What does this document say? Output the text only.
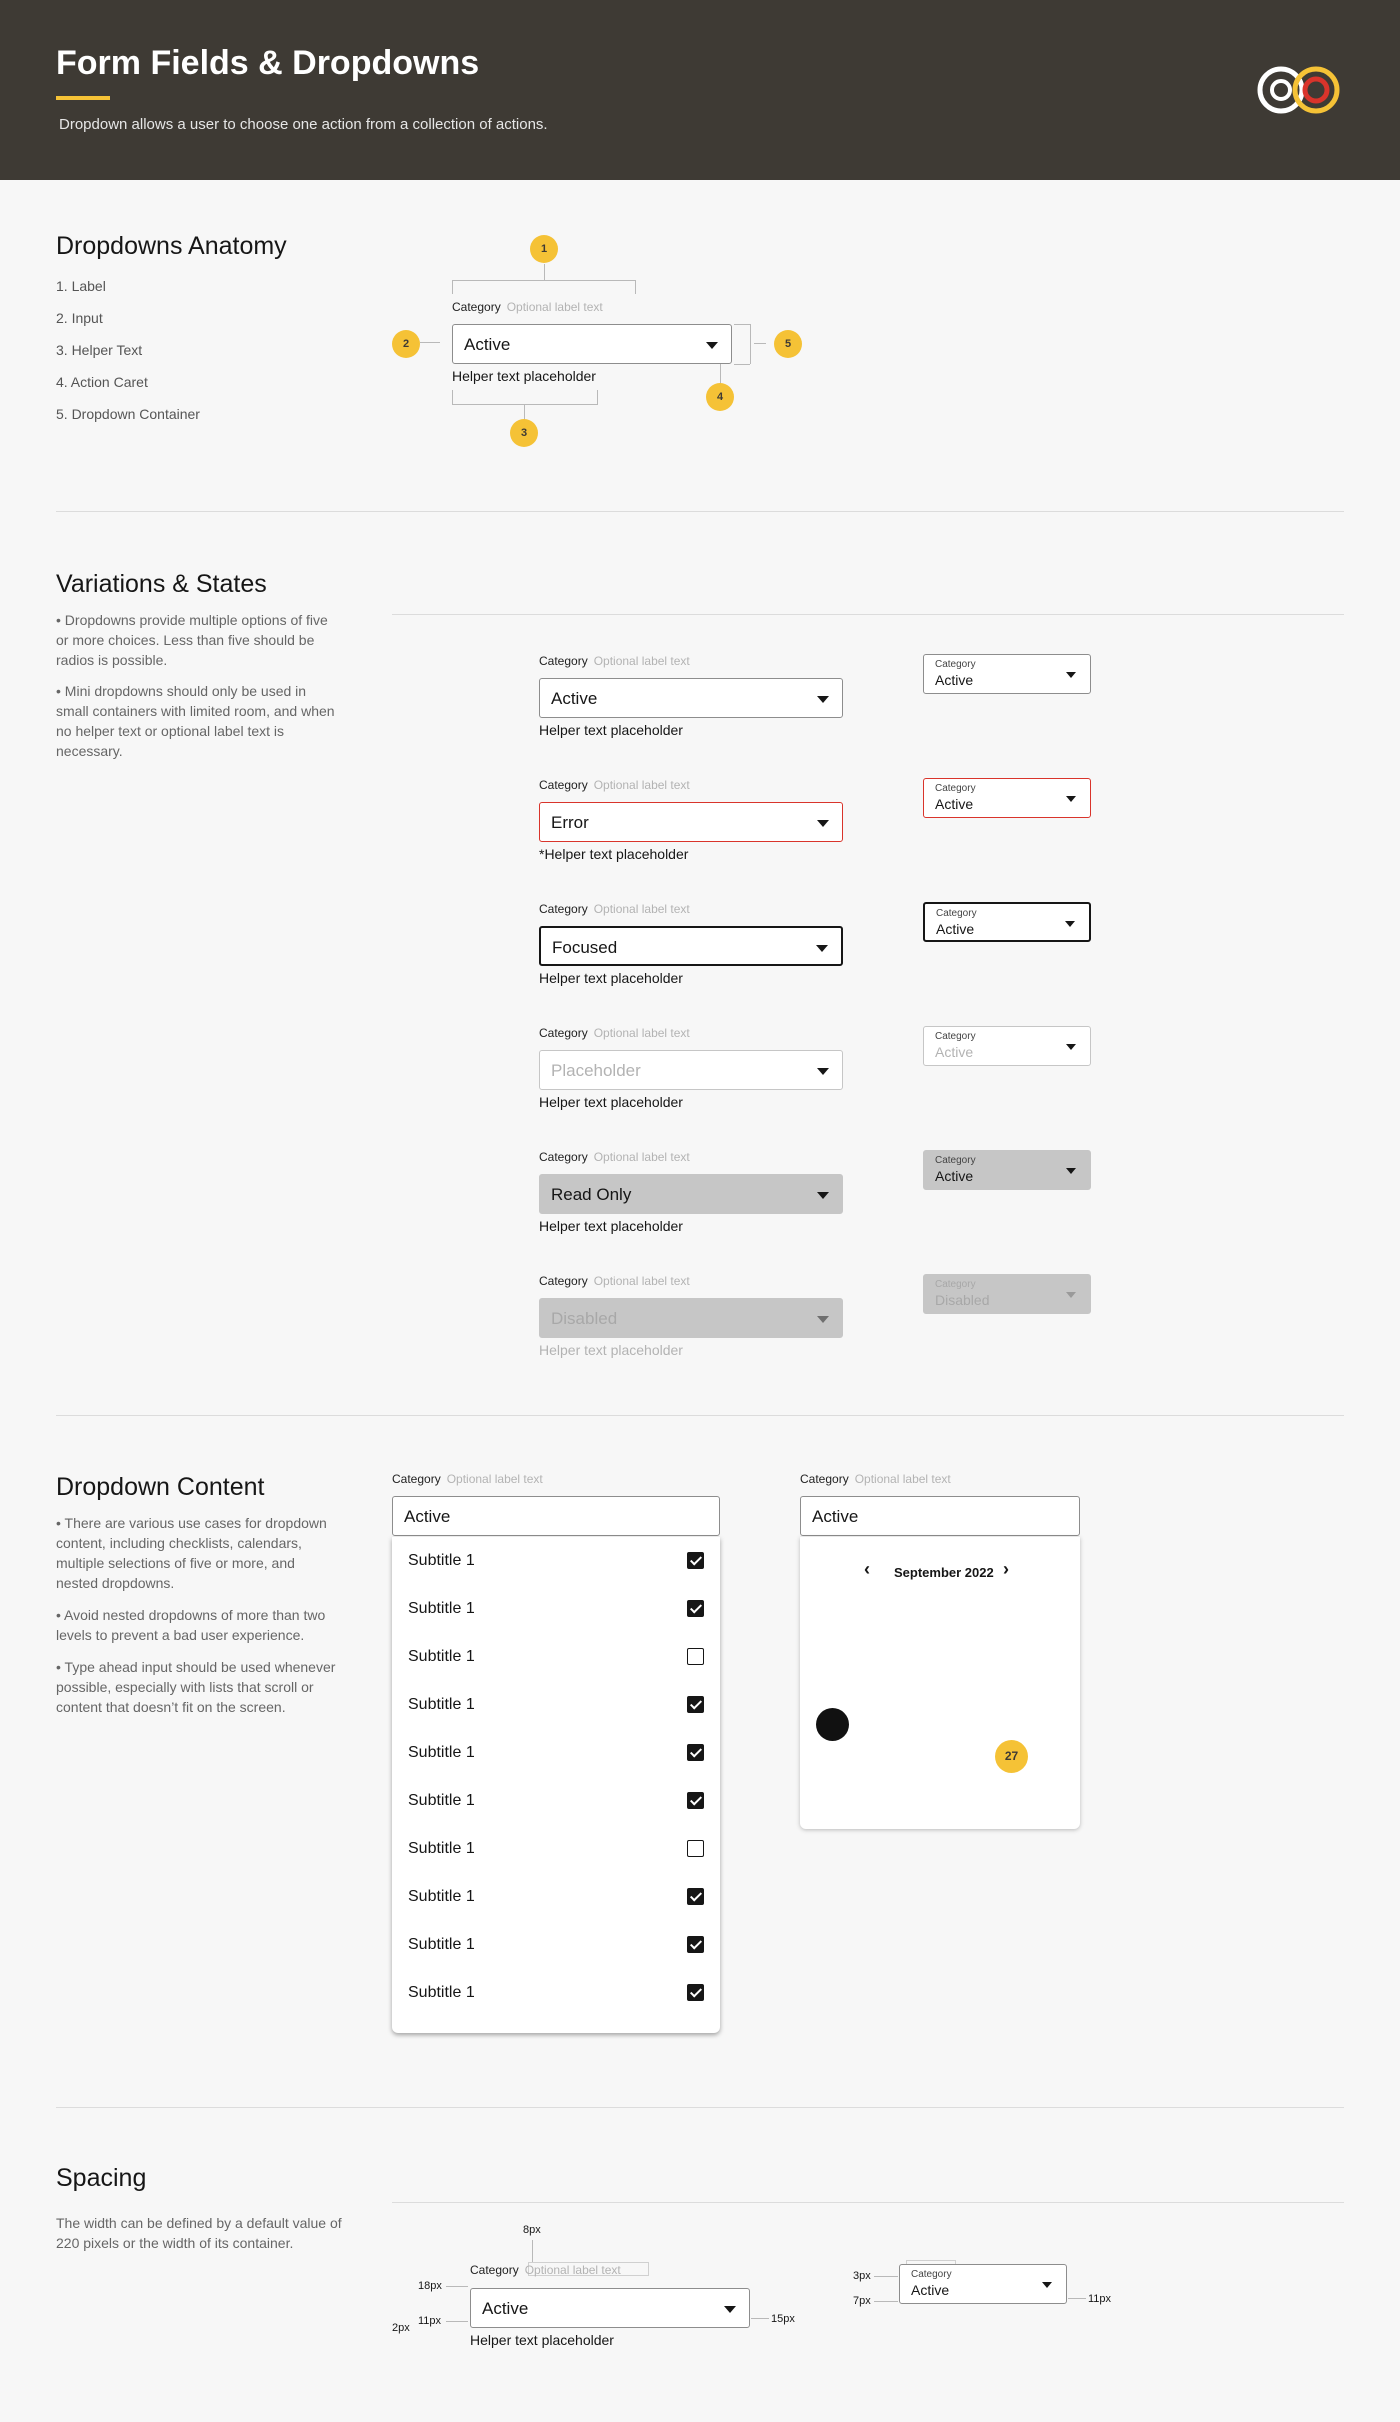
Form Fields & Dropdowns
Dropdown allows a user to choose one action from a collection of actions.
Dropdowns Anatomy
1. Label
2. Input
3. Helper Text
4. Action Caret
5. Dropdown Container
1
2
3
4
5
Category Optional label text
Active
Helper text placeholder
Variations & States
• Dropdowns provide multiple options of five or more choices. Less than five should be radios is possible.
• Mini dropdowns should only be used in small containers with limited room, and when no helper text or optional label text is necessary.
Category Optional label text
Active
Helper text placeholder
Category
Active
Category Optional label text
Error
*Helper text placeholder
Category
Active
Category Optional label text
Focused
Helper text placeholder
Category
Active
Category Optional label text
Placeholder
Helper text placeholder
Category
Active
Category Optional label text
Read Only
Helper text placeholder
Category
Active
Category Optional label text
Disabled
Helper text placeholder
Category
Disabled
Dropdown Content
• There are various use cases for dropdown content, including checklists, calendars, multiple selections of five or more, and nested dropdowns.
• Avoid nested dropdowns of more than two levels to prevent a bad user experience.
• Type ahead input should be used whenever possible, especially with lists that scroll or content that doesn’t fit on the screen.
Category Optional label text
Active
Subtitle 1
Subtitle 1
Subtitle 1
Subtitle 1
Subtitle 1
Subtitle 1
Subtitle 1
Subtitle 1
Subtitle 1
Subtitle 1
Category Optional label text
Active
‹ September 2022 ›
27
Spacing
The width can be defined by a default value of 220 pixels or the width of its container.
8px
Category Optional label text
18px
Active
15px
11px
2px
Helper text placeholder
3px	Category
Active
7px	11px
